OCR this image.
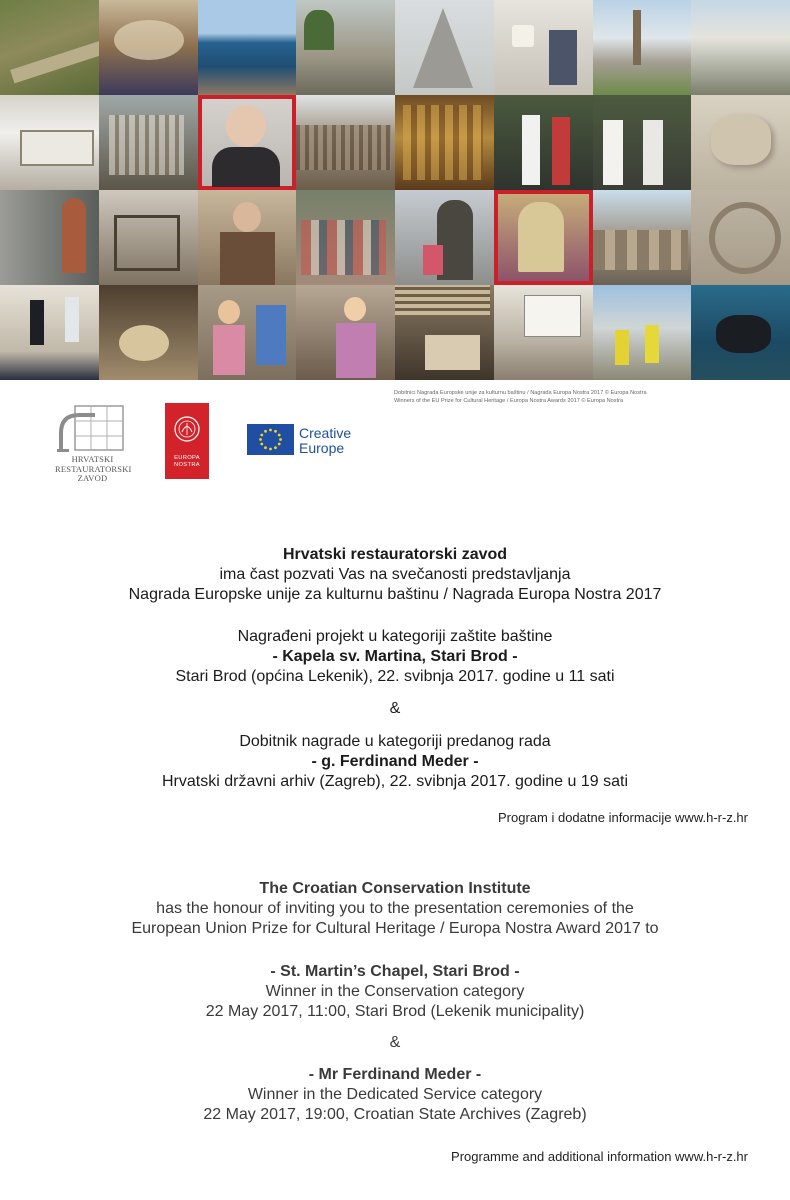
Dobitnici Nagrada Europske unije za kulturnu baštinu / Nagrada Europa Nostra 2017 © Europa Nostra
Winners of the EU Prize for Cultural Heritage / Europa Nostra Awards 2017 © Europa Nostra
HRVATSKI
RESTAURATORSKI
ZAVOD
EUROPA
NOSTRA
Creative
Europe

Hrvatski restauratorski zavod

ima čast pozvati Vas na svečanosti predstavljanja

Nagrada Europske unije za kulturnu baštinu / Nagrada Europa Nostra 2017

Nagrađeni projekt u kategoriji zaštite baštine

- Kapela sv. Martina, Stari Brod -

Stari Brod (općina Lekenik), 22. svibnja 2017. godine u 11 sati

&

Dobitnik nagrade u kategoriji predanog rada

- g. Ferdinand Meder -

Hrvatski državni arhiv (Zagreb), 22. svibnja 2017. godine u 19 sati

Program i dodatne informacije www.h-r-z.hr

The Croatian Conservation Institute

has the honour of inviting you to the presentation ceremonies of the

European Union Prize for Cultural Heritage / Europa Nostra Award 2017 to

- St. Martin’s Chapel, Stari Brod -

Winner in the Conservation category

22 May 2017, 11:00, Stari Brod (Lekenik municipality)

&

- Mr Ferdinand Meder -

Winner in the Dedicated Service category

22 May 2017, 19:00, Croatian State Archives (Zagreb)

Programme and additional information www.h-r-z.hr
